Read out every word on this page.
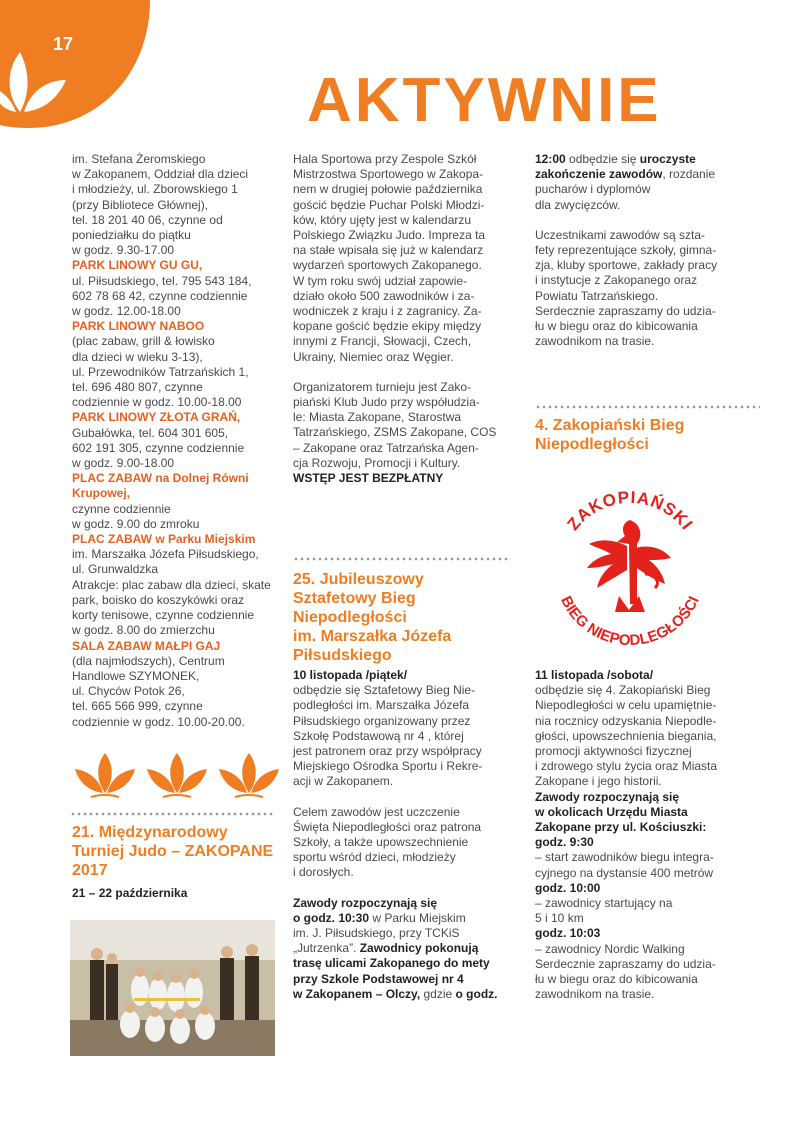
17
AKTYWNIE

im. Stefana Żeromskiego

w Zakopanem, Oddział dla dzieci

i młodzieży, ul. Zborowskiego 1

(przy Bibliotece Głównej),

tel. 18 201 40 06, czynne od

poniedziałku do piątku

w godz. 9.30-17.00

PARK LINOWY GU GU,

ul. Piłsudskiego, tel. 795 543 184,

602 78 68 42, czynne codziennie

w godz. 12.00-18.00

PARK LINOWY NABOO

(plac zabaw, grill & łowisko

dla dzieci w wieku 3-13),

ul. Przewodników Tatrzańskich 1,

tel. 696 480 807, czynne

codziennie w godz. 10.00-18.00

PARK LINOWY ZŁOTA GRAŃ,

Gubałówka, tel. 604 301 605,

602 191 305, czynne codziennie

w godz. 9.00-18.00

PLAC ZABAW na Dolnej Równi

Krupowej,

czynne codziennie

w godz. 9.00 do zmroku

PLAC ZABAW w Parku Miejskim

im. Marszałka Józefa Piłsudskiego,

ul. Grunwaldzka

Atrakcje: plac zabaw dla dzieci, skate

park, boisko do koszykówki oraz

korty tenisowe, czynne codziennie

w godz. 8.00 do zmierzchu

SALA ZABAW MAŁPI GAJ

(dla najmłodszych), Centrum

Handlowe SZYMONEK,

ul. Chyców Potok 26,

tel. 665 566 999, czynne

codziennie w godz. 10.00-20.00.

21. Międzynarodowy

Turniej Judo – ZAKOPANE

2017

21 – 22 października

Hala Sportowa przy Zespole Szkół

Mistrzostwa Sportowego w Zakopa-

nem w drugiej połowie października

gościć będzie Puchar Polski Młodzi-

ków, który ujęty jest w kalendarzu

Polskiego Związku Judo. Impreza ta

na stałe wpisała się już w kalendarz

wydarzeń sportowych Zakopanego.

W tym roku swój udział zapowie-

działo około 500 zawodników i za-

wodniczek z kraju i z zagranicy. Za-

kopane gościć będzie ekipy między

innymi z Francji, Słowacji, Czech,

Ukrainy, Niemiec oraz Węgier.

Organizatorem turnieju jest Zako-

piański Klub Judo przy współudzia-

le: Miasta Zakopane, Starostwa

Tatrzańskiego, ZSMS Zakopane, COS

– Zakopane oraz Tatrzańska Agen-

cja Rozwoju, Promocji i Kultury.

WSTĘP JEST BEZPŁATNY

25. Jubileuszowy

Sztafetowy Bieg

Niepodległości

im. Marszałka Józefa

Piłsudskiego

10 listopada /piątek/

odbędzie się Sztafetowy Bieg Nie-

podległości im. Marszałka Józefa

Piłsudskiego organizowany przez

Szkołę Podstawową nr 4 , której

jest patronem oraz przy współpracy

Miejskiego Ośrodka Sportu i Rekre-

acji w Zakopanem.

Celem zawodów jest uczczenie

Święta Niepodległości oraz patrona

Szkoły, a także upowszechnienie

sportu wśród dzieci, młodzieży

i dorosłych.

Zawody rozpoczynają się

o godz. 10:30 w Parku Miejskim

im. J. Piłsudskiego, przy TCKiS

„Jutrzenka”. Zawodnicy pokonują

trasę ulicami Zakopanego do mety

przy Szkole Podstawowej nr 4

w Zakopanem – Olczy, gdzie o godz.

12:00 odbędzie się uroczyste

zakończenie zawodów, rozdanie

pucharów i dyplomów

dla zwycięzców.

Uczestnikami zawodów są szta-

fety reprezentujące szkoły, gimna-

zja, kluby sportowe, zakłady pracy

i instytucje z Zakopanego oraz

Powiatu Tatrzańskiego.

Serdecznie zapraszamy do udzia-

łu w biegu oraz do kibicowania

zawodnikom na trasie.

4. Zakopiański Bieg

Niepodległości

ZAKOPIAŃSKI
BIEG NIEPODLEGŁOŚCI

11 listopada /sobota/

odbędzie się 4. Zakopiański Bieg

Niepodległości w celu upamiętnie-

nia rocznicy odzyskania Niepodle-

głości, upowszechnienia biegania,

promocji aktywności fizycznej

i zdrowego stylu życia oraz Miasta

Zakopane i jego historii.

Zawody rozpoczynają się

w okolicach Urzędu Miasta

Zakopane przy ul. Kościuszki:

godz. 9:30

– start zawodników biegu integra-

cyjnego na dystansie 400 metrów

godz. 10:00

– zawodnicy startujący na

5 i 10 km

godz. 10:03

– zawodnicy Nordic Walking

Serdecznie zapraszamy do udzia-

łu w biegu oraz do kibicowania

zawodnikom na trasie.
